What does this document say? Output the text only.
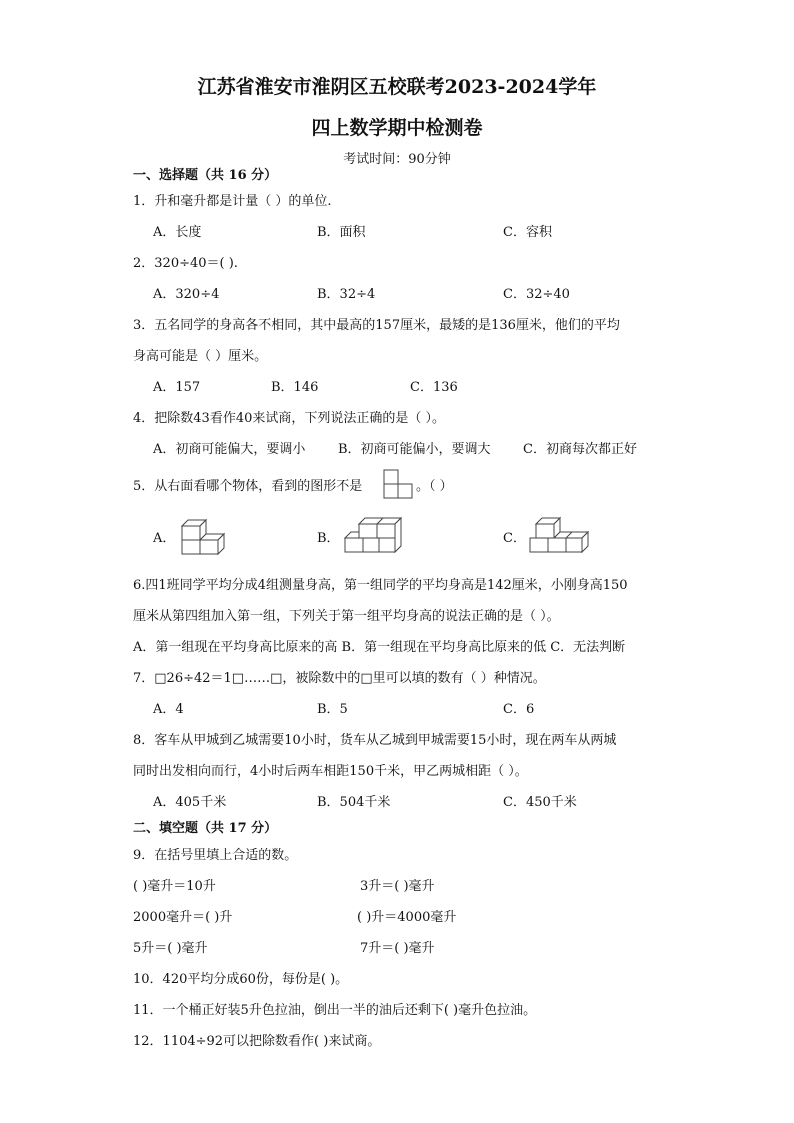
江苏省淮安市淮阴区五校联考2023-2024学年
四上数学期中检测卷
考试时间：90分钟
一、选择题（共 16 分）
1．升和毫升都是计量（ ）的单位.
A．长度	B．面积	C．容积
2．320÷40＝( ).
A．320÷4	B．32÷4	C．32÷40
3．五名同学的身高各不相同，其中最高的157厘米，最矮的是136厘米，他们的平均
身高可能是（ ）厘米。
A．157	B．146	C．136
4．把除数43看作40来试商，下列说法正确的是（ ）。
A．初商可能偏大，要调小	B．初商可能偏小，要调大 C．初商每次都正好
5．从右面看哪个物体，看到的图形不是	。（ ）
A．	B．	C．
6.四1班同学平均分成4组测量身高，第一组同学的平均身高是142厘米，小刚身高150
厘米从第四组加入第一组，下列关于第一组平均身高的说法正确的是（ ）。
A．第一组现在平均身高比原来的高 B．第一组现在平均身高比原来的低 C．无法判断
7．□26÷42＝1□……□，被除数中的□里可以填的数有（ ）种情况。
A．4	B．5	C．6
8．客车从甲城到乙城需要10小时，货车从乙城到甲城需要15小时，现在两车从两城
同时出发相向而行，4小时后两车相距150千米，甲乙两城相距（ ）。
A．405千米	B．504千米	C．450千米
二、填空题（共 17 分）
9．在括号里填上合适的数。
( )毫升＝10升	3升＝( )毫升
2000毫升＝( )升	( )升＝4000毫升
5升＝( )毫升	7升＝( )毫升
10．420平均分成60份，每份是( )。
11．一个桶正好装5升色拉油，倒出一半的油后还剩下( )毫升色拉油。
12．1104÷92可以把除数看作( )来试商。
